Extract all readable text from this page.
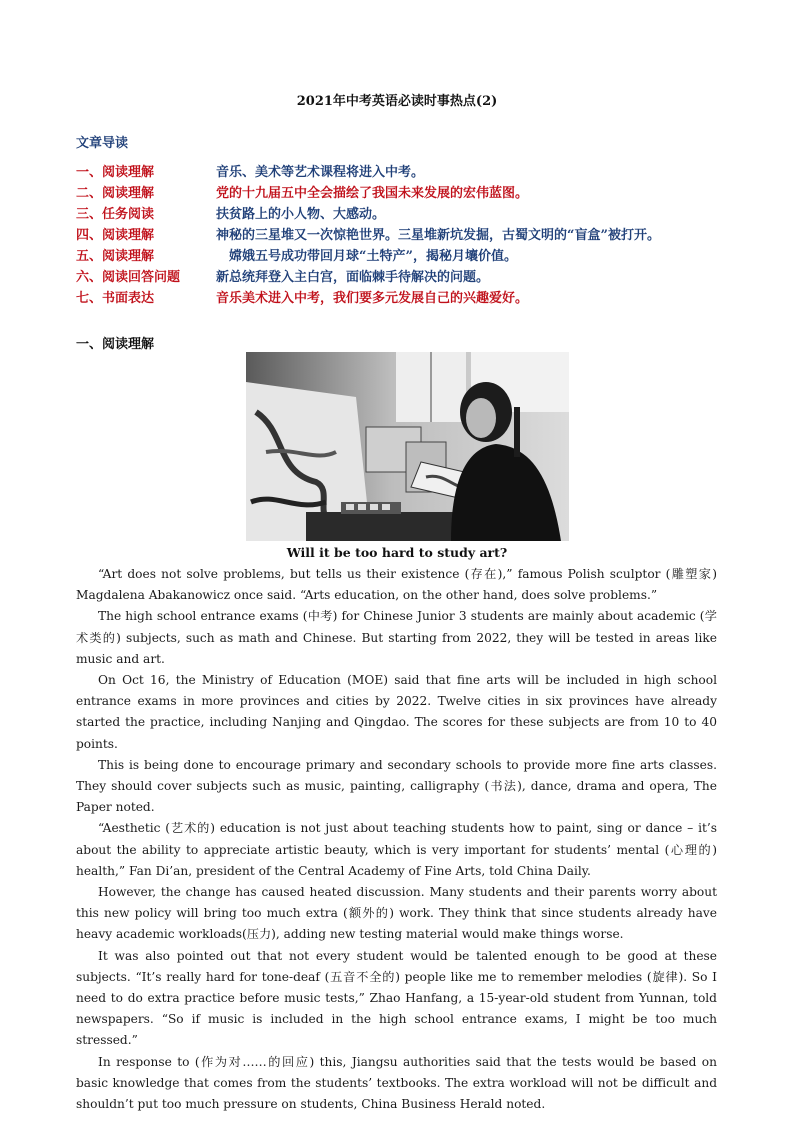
2021年中考英语必读时事热点(2)
文章导读
一、阅读理解	音乐、美术等艺术课程将进入中考。
二、阅读理解	党的十九届五中全会描绘了我国未来发展的宏伟蓝图。
三、任务阅读	扶贫路上的小人物、大感动。
四、阅读理解	神秘的三星堆又一次惊艳世界。三星堆新坑发掘，古蜀文明的“盲盒”被打开。
五、阅读理解	　嫦娥五号成功带回月球“土特产”，揭秘月壤价值。
六、阅读回答问题	新总统拜登入主白宫，面临棘手待解决的问题。
七、书面表达	音乐美术进入中考，我们要多元发展自己的兴趣爱好。
一、阅读理解
Will it be too hard to study art?

“Art does not solve problems, but tells us their existence (存在),” famous Polish sculptor (雕塑家) Magdalena Abakanowicz once said. “Arts education, on the other hand, does solve problems.”

The high school entrance exams (中考) for Chinese Junior 3 students are mainly about academic (学术类的) subjects, such as math and Chinese. But starting from 2022, they will be tested in areas like music and art.

On Oct 16, the Ministry of Education (MOE) said that fine arts will be included in high school entrance exams in more provinces and cities by 2022. Twelve cities in six provinces have already started the practice, including Nanjing and Qingdao. The scores for these subjects are from 10 to 40 points.

This is being done to encourage primary and secondary schools to provide more fine arts classes. They should cover subjects such as music, painting, calligraphy (书法), dance, drama and opera, The Paper noted.

“Aesthetic (艺术的) education is not just about teaching students how to paint, sing or dance – it’s about the ability to appreciate artistic beauty, which is very important for students’ mental (心理的) health,” Fan Di’an, president of the Central Academy of Fine Arts, told China Daily.

However, the change has caused heated discussion. Many students and their parents worry about this new policy will bring too much extra (额外的) work. They think that since students already have heavy academic workloads(压力), adding new testing material would make things worse.

It was also pointed out that not every student would be talented enough to be good at these subjects. “It’s really hard for tone-deaf (五音不全的) people like me to remember melodies (旋律). So I need to do extra practice before music tests,” Zhao Hanfang, a 15-year-old student from Yunnan, told newspapers. “So if music is included in the high school entrance exams, I might be too much stressed.”

In response to (作为对……的回应) this, Jiangsu authorities said that the tests would be based on basic knowledge that comes from the students’ textbooks. The extra workload will not be difficult and shouldn’t put too much pressure on students, China Business Herald noted.
